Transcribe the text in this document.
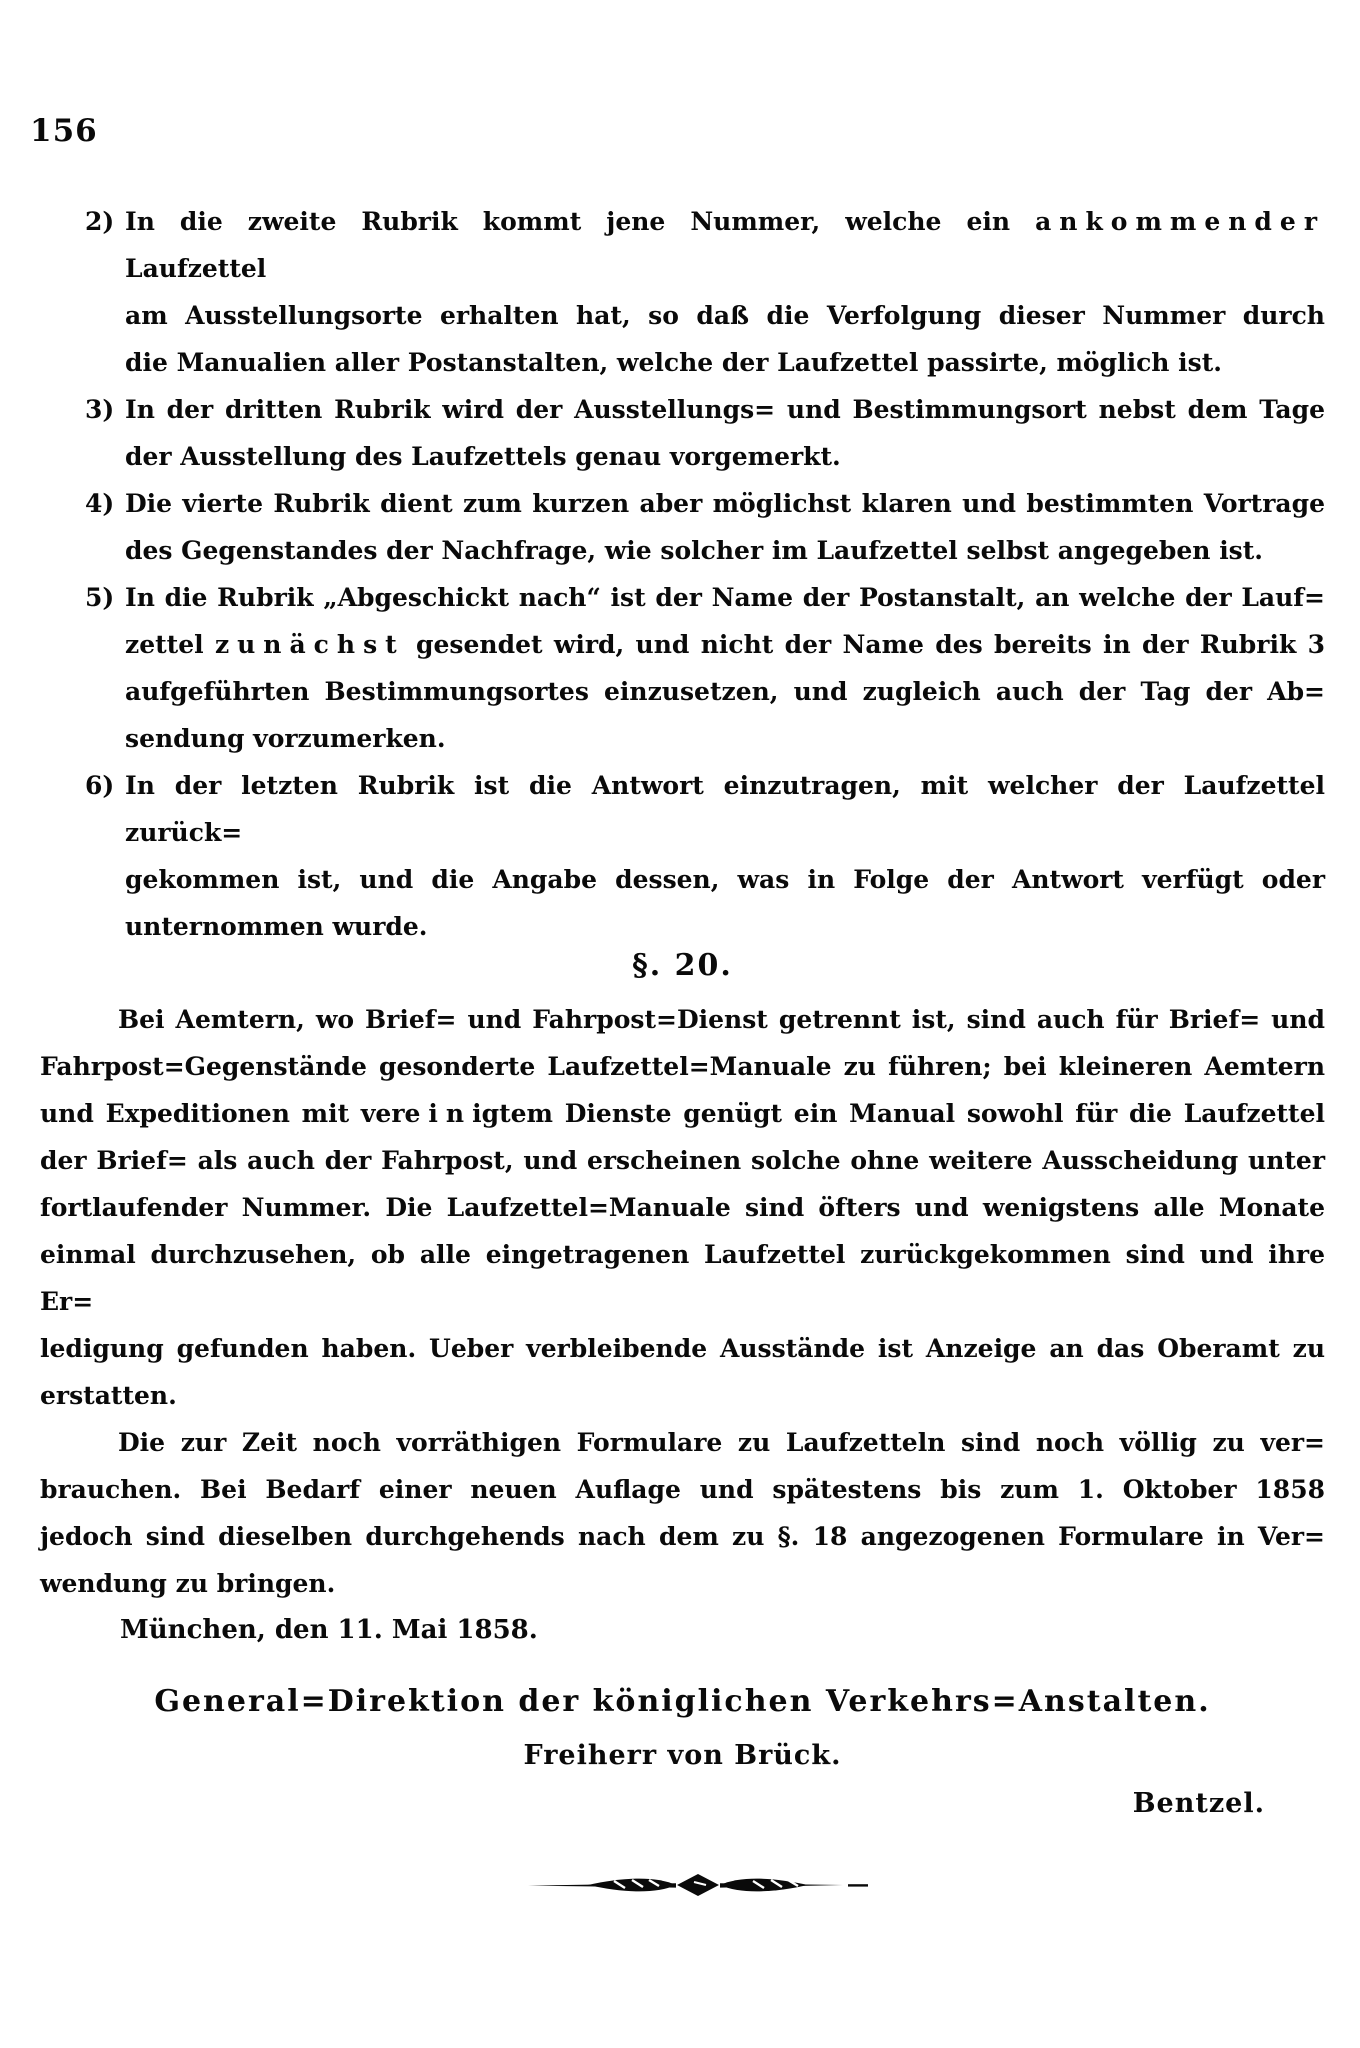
156
2) In die zweite Rubrik kommt jene Nummer, welche ein ankommender Laufzettel
am Ausstellungsorte erhalten hat, so daß die Verfolgung dieser Nummer durch
die Manualien aller Postanstalten, welche der Laufzettel passirte, möglich ist.
3) In der dritten Rubrik wird der Ausstellungs= und Bestimmungsort nebst dem Tage
der Ausstellung des Laufzettels genau vorgemerkt.
4) Die vierte Rubrik dient zum kurzen aber möglichst klaren und bestimmten Vortrage
des Gegenstandes der Nachfrage, wie solcher im Laufzettel selbst angegeben ist.
5) In die Rubrik „Abgeschickt nach“ ist der Name der Postanstalt, an welche der Lauf=
zettel zunächst gesendet wird, und nicht der Name des bereits in der Rubrik 3
aufgeführten Bestimmungsortes einzusetzen, und zugleich auch der Tag der Ab=
sendung vorzumerken.
6) In der letzten Rubrik ist die Antwort einzutragen, mit welcher der Laufzettel zurück=
gekommen ist, und die Angabe dessen, was in Folge der Antwort verfügt oder
unternommen wurde.
§. 20.
Bei Aemtern, wo Brief= und Fahrpost=Dienst getrennt ist, sind auch für Brief= und
Fahrpost=Gegenstände gesonderte Laufzettel=Manuale zu führen; bei kleineren Aemtern
und Expeditionen mit vereinigtem Dienste genügt ein Manual sowohl für die Laufzettel
der Brief= als auch der Fahrpost, und erscheinen solche ohne weitere Ausscheidung unter
fortlaufender Nummer. Die Laufzettel=Manuale sind öfters und wenigstens alle Monate
einmal durchzusehen, ob alle eingetragenen Laufzettel zurückgekommen sind und ihre Er=
ledigung gefunden haben. Ueber verbleibende Ausstände ist Anzeige an das Oberamt zu
erstatten.
Die zur Zeit noch vorräthigen Formulare zu Laufzetteln sind noch völlig zu ver=
brauchen. Bei Bedarf einer neuen Auflage und spätestens bis zum 1. Oktober 1858
jedoch sind dieselben durchgehends nach dem zu §. 18 angezogenen Formulare in Ver=
wendung zu bringen.
München, den 11. Mai 1858.
General=Direktion der königlichen Verkehrs=Anstalten.
Freiherr von Brück.
Bentzel.
